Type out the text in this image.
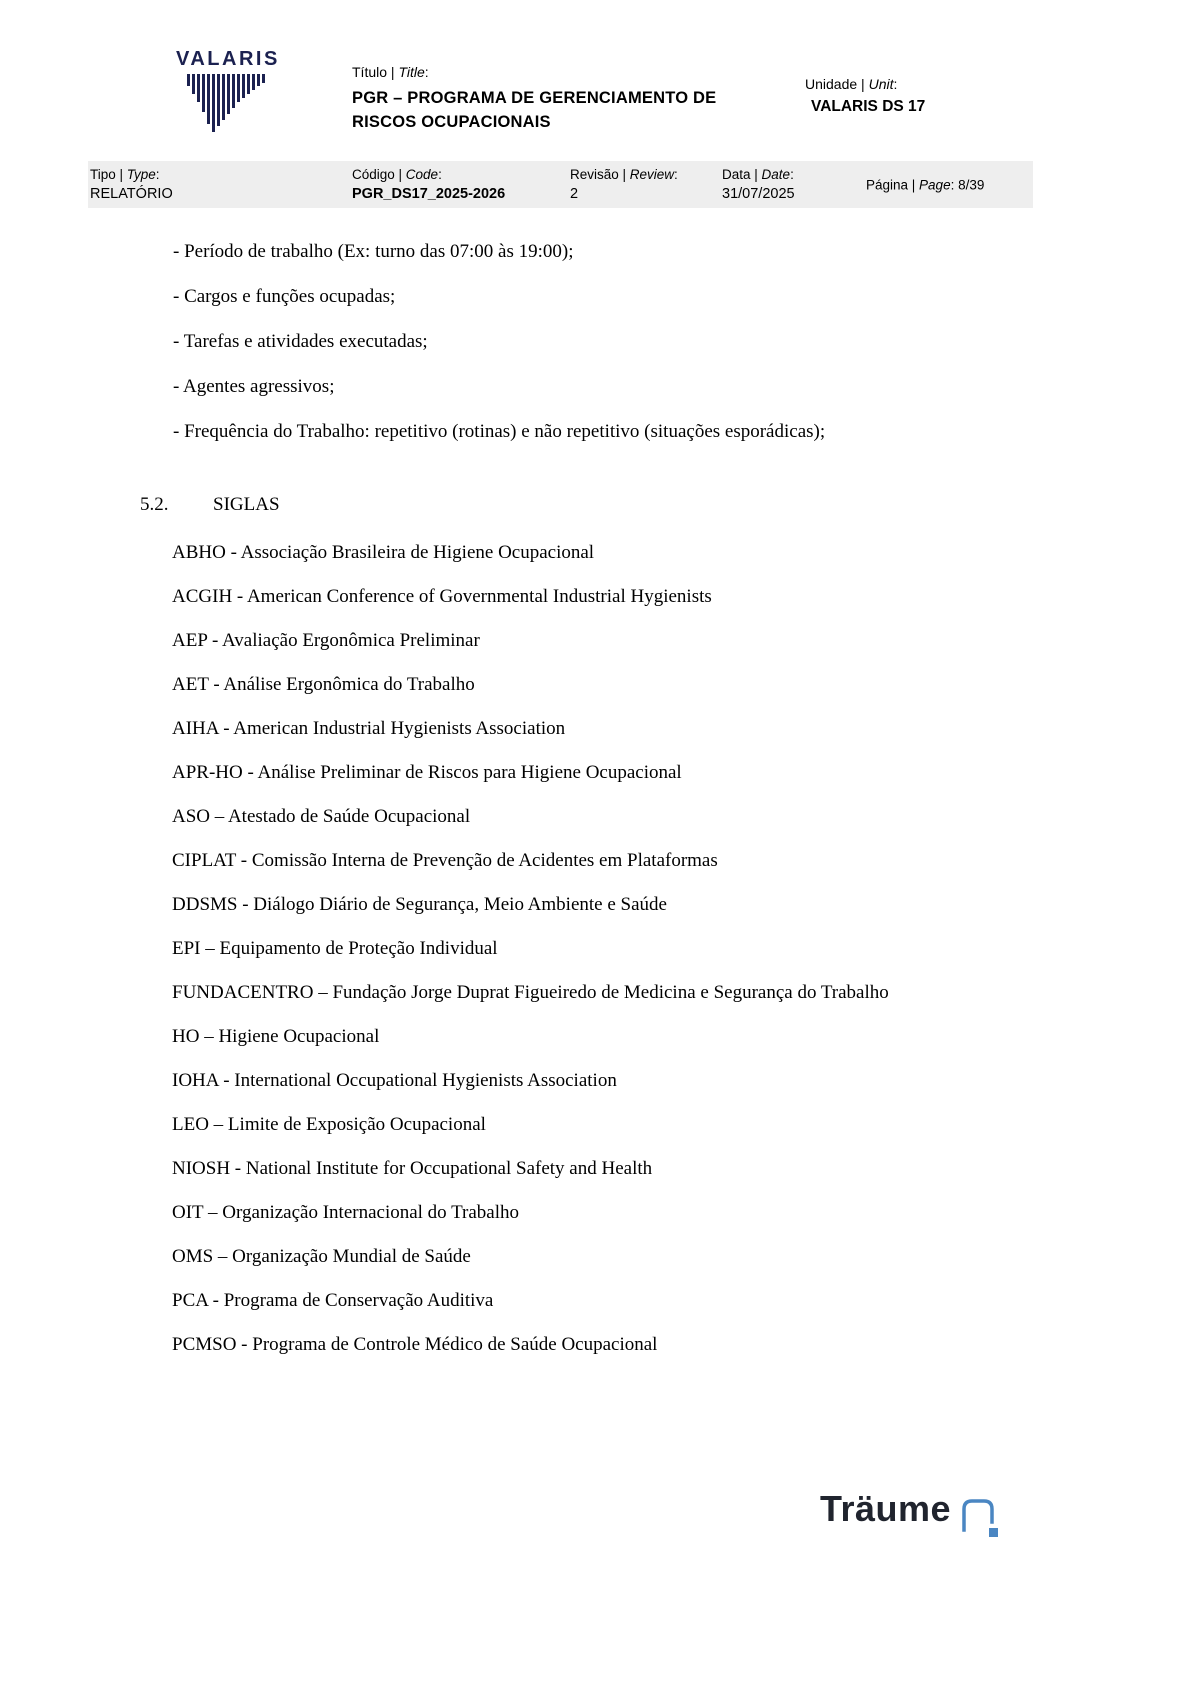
VALARIS
Título | Title:
PGR – PROGRAMA DE GERENCIAMENTO DE
RISCOS OCUPACIONAIS
Unidade | Unit:
VALARIS DS 17
Tipo | Type:
RELATÓRIO
Código | Code:
PGR_DS17_2025-2026
Revisão | Review:
2
Data | Date:
31/07/2025
Página | Page: 8/39

- Período de trabalho (Ex: turno das 07:00 às 19:00);

- Cargos e funções ocupadas;

- Tarefas e atividades executadas;

- Agentes agressivos;

- Frequência do Trabalho: repetitivo (rotinas) e não repetitivo (situações esporádicas);

5.2. SIGLAS

ABHO - Associação Brasileira de Higiene Ocupacional

ACGIH - American Conference of Governmental Industrial Hygienists

AEP - Avaliação Ergonômica Preliminar

AET - Análise Ergonômica do Trabalho

AIHA - American Industrial Hygienists Association

APR-HO - Análise Preliminar de Riscos para Higiene Ocupacional

ASO – Atestado de Saúde Ocupacional

CIPLAT - Comissão Interna de Prevenção de Acidentes em Plataformas

DDSMS - Diálogo Diário de Segurança, Meio Ambiente e Saúde

EPI – Equipamento de Proteção Individual

FUNDACENTRO – Fundação Jorge Duprat Figueiredo de Medicina e Segurança do Trabalho

HO – Higiene Ocupacional

IOHA - International Occupational Hygienists Association

LEO – Limite de Exposição Ocupacional

NIOSH - National Institute for Occupational Safety and Health

OIT – Organização Internacional do Trabalho

OMS – Organização Mundial de Saúde

PCA - Programa de Conservação Auditiva

PCMSO - Programa de Controle Médico de Saúde Ocupacional

Träume
